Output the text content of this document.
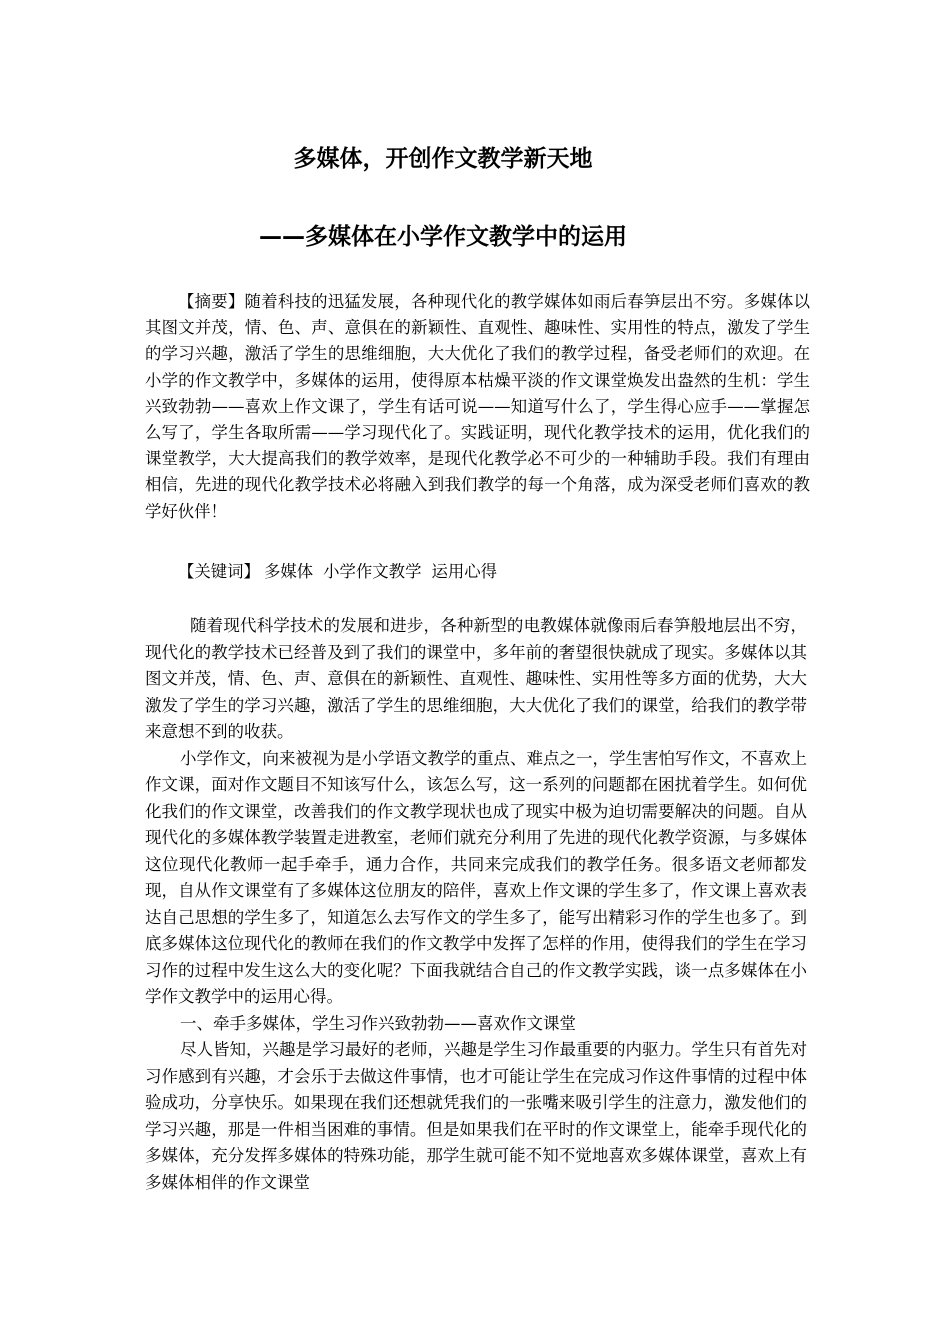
多媒体，开创作文教学新天地
——多媒体在小学作文教学中的运用

【摘要】随着科技的迅猛发展，各种现代化的教学媒体如雨后春笋层出不穷。多媒体以其图文并茂，情、色、声、意俱在的新颖性、直观性、趣味性、实用性的特点，激发了学生的学习兴趣，激活了学生的思维细胞，大大优化了我们的教学过程，备受老师们的欢迎。在小学的作文教学中，多媒体的运用，使得原本枯燥平淡的作文课堂焕发出盎然的生机：学生兴致勃勃——喜欢上作文课了，学生有话可说——知道写什么了，学生得心应手——掌握怎么写了，学生各取所需——学习现代化了。实践证明，现代化教学技术的运用，优化我们的课堂教学，大大提高我们的教学效率，是现代化教学必不可少的一种辅助手段。我们有理由相信，先进的现代化教学技术必将融入到我们教学的每一个角落，成为深受老师们喜欢的教学好伙伴！

【关键词】 多媒体 小学作文教学 运用心得

随着现代科学技术的发展和进步，各种新型的电教媒体就像雨后春笋般地层出不穷，现代化的教学技术已经普及到了我们的课堂中，多年前的奢望很快就成了现实。多媒体以其图文并茂，情、色、声、意俱在的新颖性、直观性、趣味性、实用性等多方面的优势，大大激发了学生的学习兴趣，激活了学生的思维细胞，大大优化了我们的课堂，给我们的教学带来意想不到的收获。

小学作文，向来被视为是小学语文教学的重点、难点之一，学生害怕写作文，不喜欢上作文课，面对作文题目不知该写什么，该怎么写，这一系列的问题都在困扰着学生。如何优化我们的作文课堂，改善我们的作文教学现状也成了现实中极为迫切需要解决的问题。自从现代化的多媒体教学装置走进教室，老师们就充分利用了先进的现代化教学资源，与多媒体这位现代化教师一起手牵手，通力合作，共同来完成我们的教学任务。很多语文老师都发现，自从作文课堂有了多媒体这位朋友的陪伴，喜欢上作文课的学生多了，作文课上喜欢表达自己思想的学生多了，知道怎么去写作文的学生多了，能写出精彩习作的学生也多了。到底多媒体这位现代化的教师在我们的作文教学中发挥了怎样的作用，使得我们的学生在学习习作的过程中发生这么大的变化呢？下面我就结合自己的作文教学实践，谈一点多媒体在小学作文教学中的运用心得。

一、牵手多媒体，学生习作兴致勃勃——喜欢作文课堂

尽人皆知，兴趣是学习最好的老师，兴趣是学生习作最重要的内驱力。学生只有首先对习作感到有兴趣，才会乐于去做这件事情，也才可能让学生在完成习作这件事情的过程中体验成功，分享快乐。如果现在我们还想就凭我们的一张嘴来吸引学生的注意力，激发他们的学习兴趣，那是一件相当困难的事情。但是如果我们在平时的作文课堂上，能牵手现代化的多媒体，充分发挥多媒体的特殊功能，那学生就可能不知不觉地喜欢多媒体课堂，喜欢上有多媒体相伴的作文课堂
